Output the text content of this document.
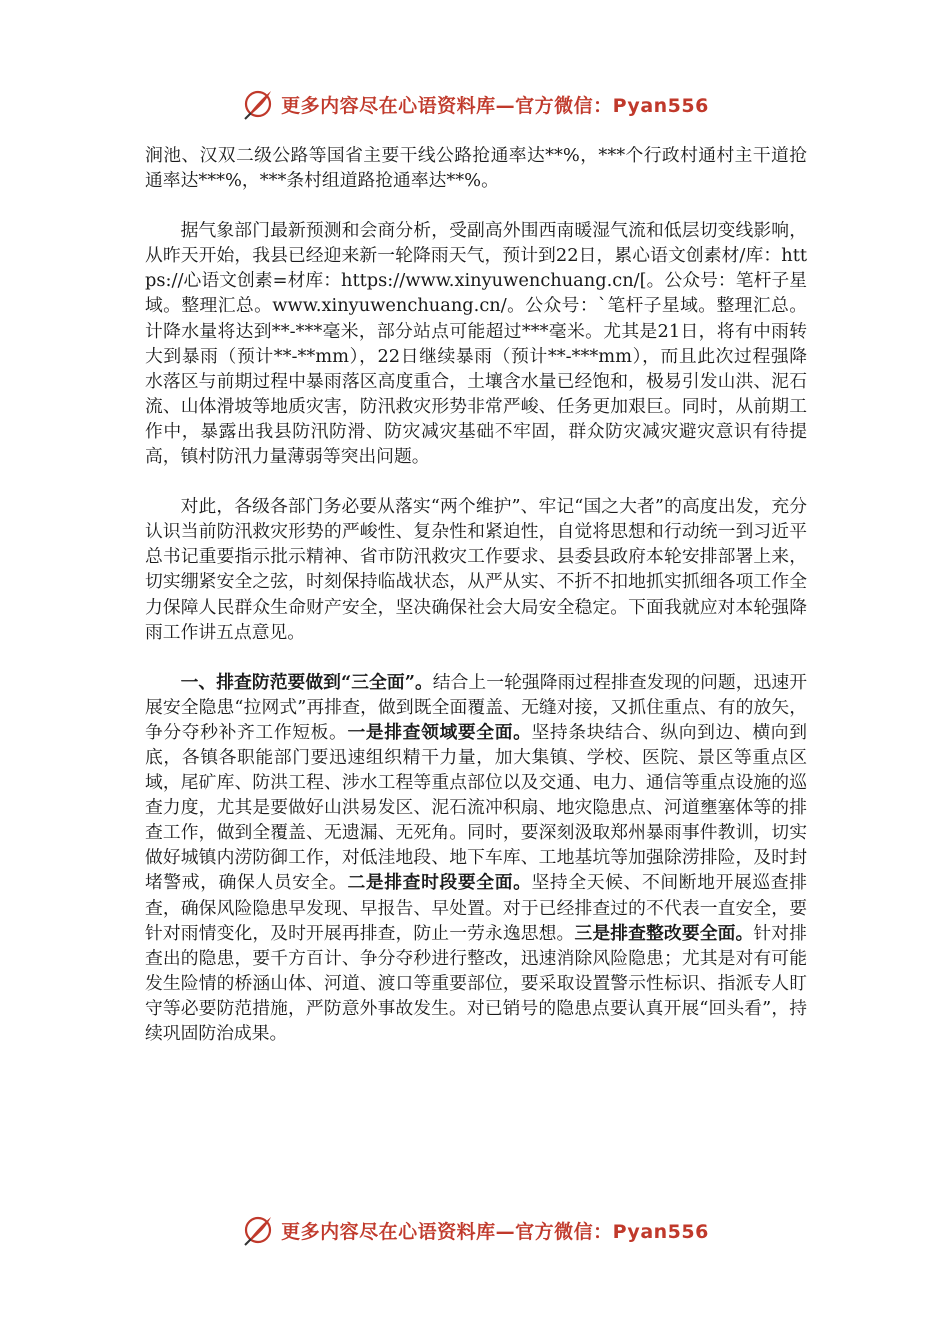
更多内容尽在心语资料库—官方微信：Pyan556

涧池、汉双二级公路等国省主要干线公路抢通率达**%，***个行政村通村主干道抢通率达***%，***条村组道路抢通率达**%。

据气象部门最新预测和会商分析，受副高外围西南暖湿气流和低层切变线影响，从昨天开始，我县已经迎来新一轮降雨天气，预计到22日，累心语文创素材/库：https://心语文创素=材库：https://www.xinyuwenchuang.cn/[。公众号：笔杆子星域。整理汇总。www.xinyuwenchuang.cn/。公众号：`笔杆子星域。整理汇总。计降水量将达到**-***毫米，部分站点可能超过***毫米。尤其是21日，将有中雨转大到暴雨（预计**-**mm），22日继续暴雨（预计**-***mm），而且此次过程强降水落区与前期过程中暴雨落区高度重合，土壤含水量已经饱和，极易引发山洪、泥石流、山体滑坡等地质灾害，防汛救灾形势非常严峻、任务更加艰巨。同时，从前期工作中，暴露出我县防汛防滑、防灾减灾基础不牢固，群众防灾减灾避灾意识有待提高，镇村防汛力量薄弱等突出问题。

对此，各级各部门务必要从落实“两个维护”、牢记“国之大者”的高度出发，充分认识当前防汛救灾形势的严峻性、复杂性和紧迫性，自觉将思想和行动统一到习近平总书记重要指示批示精神、省市防汛救灾工作要求、县委县政府本轮安排部署上来，切实绷紧安全之弦，时刻保持临战状态，从严从实、不折不扣地抓实抓细各项工作全力保障人民群众生命财产安全，坚决确保社会大局安全稳定。下面我就应对本轮强降雨工作讲五点意见。

一、排查防范要做到“三全面”。结合上一轮强降雨过程排查发现的问题，迅速开展安全隐患“拉网式”再排查，做到既全面覆盖、无缝对接，又抓住重点、有的放矢，争分夺秒补齐工作短板。一是排查领域要全面。坚持条块结合、纵向到边、横向到底，各镇各职能部门要迅速组织精干力量，加大集镇、学校、医院、景区等重点区域，尾矿库、防洪工程、涉水工程等重点部位以及交通、电力、通信等重点设施的巡查力度，尤其是要做好山洪易发区、泥石流冲积扇、地灾隐患点、河道壅塞体等的排查工作，做到全覆盖、无遗漏、无死角。同时，要深刻汲取郑州暴雨事件教训，切实做好城镇内涝防御工作，对低洼地段、地下车库、工地基坑等加强除涝排险，及时封堵警戒，确保人员安全。二是排查时段要全面。坚持全天候、不间断地开展巡查排查，确保风险隐患早发现、早报告、早处置。对于已经排查过的不代表一直安全，要针对雨情变化，及时开展再排查，防止一劳永逸思想。三是排查整改要全面。针对排查出的隐患，要千方百计、争分夺秒进行整改，迅速消除风险隐患；尤其是对有可能发生险情的桥涵山体、河道、渡口等重要部位，要采取设置警示性标识、指派专人盯守等必要防范措施，严防意外事故发生。对已销号的隐患点要认真开展“回头看”，持续巩固防治成果。

更多内容尽在心语资料库—官方微信：Pyan556
